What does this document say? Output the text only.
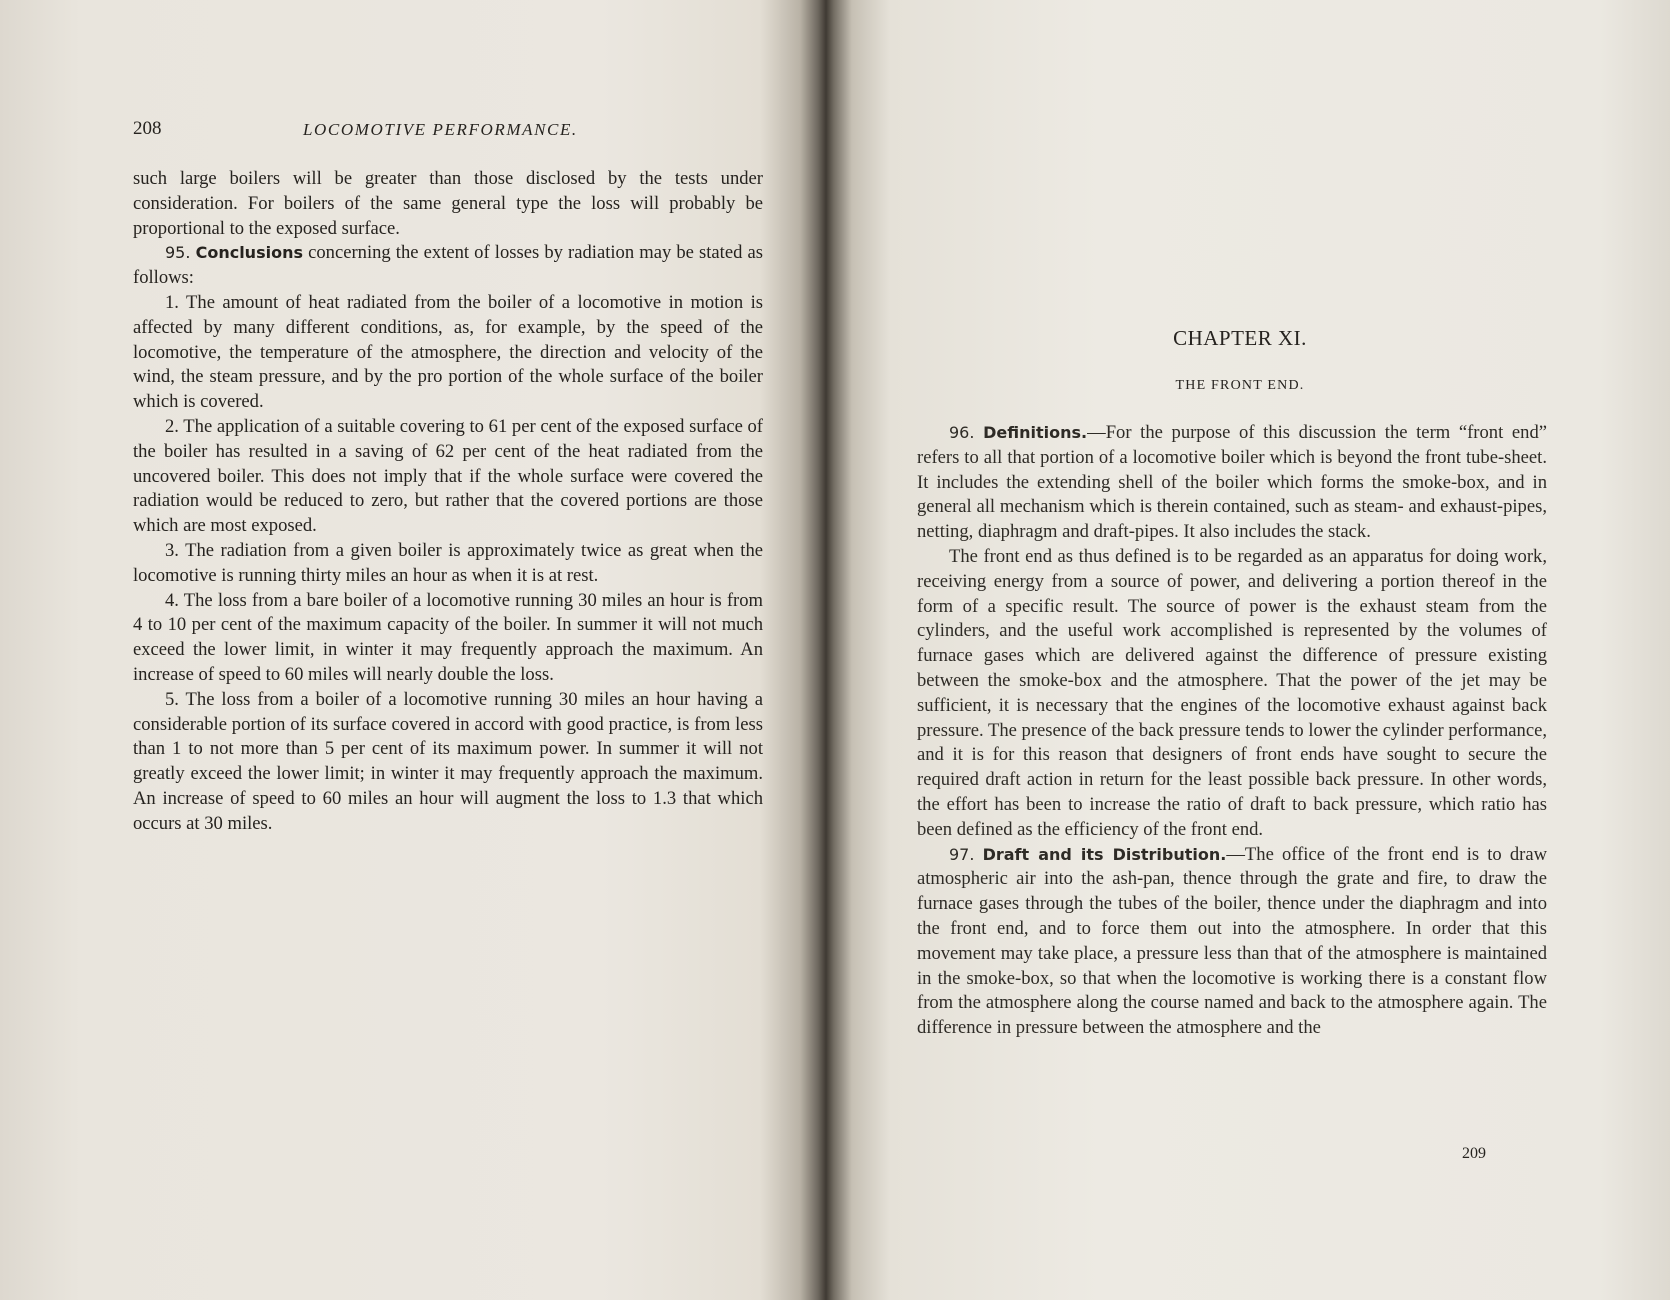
208	LOCOMOTIVE PERFORMANCE.

such large boilers will be greater than those disclosed by the tests under consideration. For boilers of the same general type the loss will probably be proportional to the exposed surface.

95. Conclusions concerning the extent of losses by radiation may be stated as follows:

1. The amount of heat radiated from the boiler of a locomotive in motion is affected by many different conditions, as, for example, by the speed of the locomotive, the temperature of the atmosphere, the direction and velocity of the wind, the steam pressure, and by the pro portion of the whole surface of the boiler which is covered.

2. The application of a suitable covering to 61 per cent of the exposed surface of the boiler has resulted in a saving of 62 per cent of the heat radiated from the uncovered boiler. This does not imply that if the whole surface were covered the radiation would be reduced to zero, but rather that the covered portions are those which are most exposed.

3. The radiation from a given boiler is approximately twice as great when the locomotive is running thirty miles an hour as when it is at rest.

4. The loss from a bare boiler of a locomotive running 30 miles an hour is from 4 to 10 per cent of the maximum capacity of the boiler. In summer it will not much exceed the lower limit, in winter it may frequently approach the maximum. An increase of speed to 60 miles will nearly double the loss.

5. The loss from a boiler of a locomotive running 30 miles an hour having a considerable portion of its surface covered in accord with good practice, is from less than 1 to not more than 5 per cent of its maximum power. In summer it will not greatly exceed the lower limit; in winter it may frequently approach the maximum. An increase of speed to 60 miles an hour will augment the loss to 1.3 that which occurs at 30 miles.

CHAPTER XI.
THE FRONT END.

96. Definitions.—For the purpose of this discussion the term “front end” refers to all that portion of a locomotive boiler which is beyond the front tube-sheet. It includes the extending shell of the boiler which forms the smoke-box, and in general all mechanism which is therein contained, such as steam- and exhaust-pipes, netting, diaphragm and draft-pipes. It also includes the stack.

The front end as thus defined is to be regarded as an apparatus for doing work, receiving energy from a source of power, and delivering a portion thereof in the form of a specific result. The source of power is the exhaust steam from the cylinders, and the useful work accomplished is represented by the volumes of furnace gases which are delivered against the difference of pressure existing between the smoke-box and the atmosphere. That the power of the jet may be sufficient, it is necessary that the engines of the locomotive exhaust against back pressure. The presence of the back pressure tends to lower the cylinder performance, and it is for this reason that designers of front ends have sought to secure the required draft action in return for the least possible back pressure. In other words, the effort has been to increase the ratio of draft to back pressure, which ratio has been defined as the efficiency of the front end.

97. Draft and its Distribution.—The office of the front end is to draw atmospheric air into the ash-pan, thence through the grate and fire, to draw the furnace gases through the tubes of the boiler, thence under the diaphragm and into the front end, and to force them out into the atmosphere. In order that this movement may take place, a pressure less than that of the atmosphere is maintained in the smoke-box, so that when the locomotive is working there is a constant flow from the atmosphere along the course named and back to the atmosphere again. The difference in pressure between the atmosphere and the

209
